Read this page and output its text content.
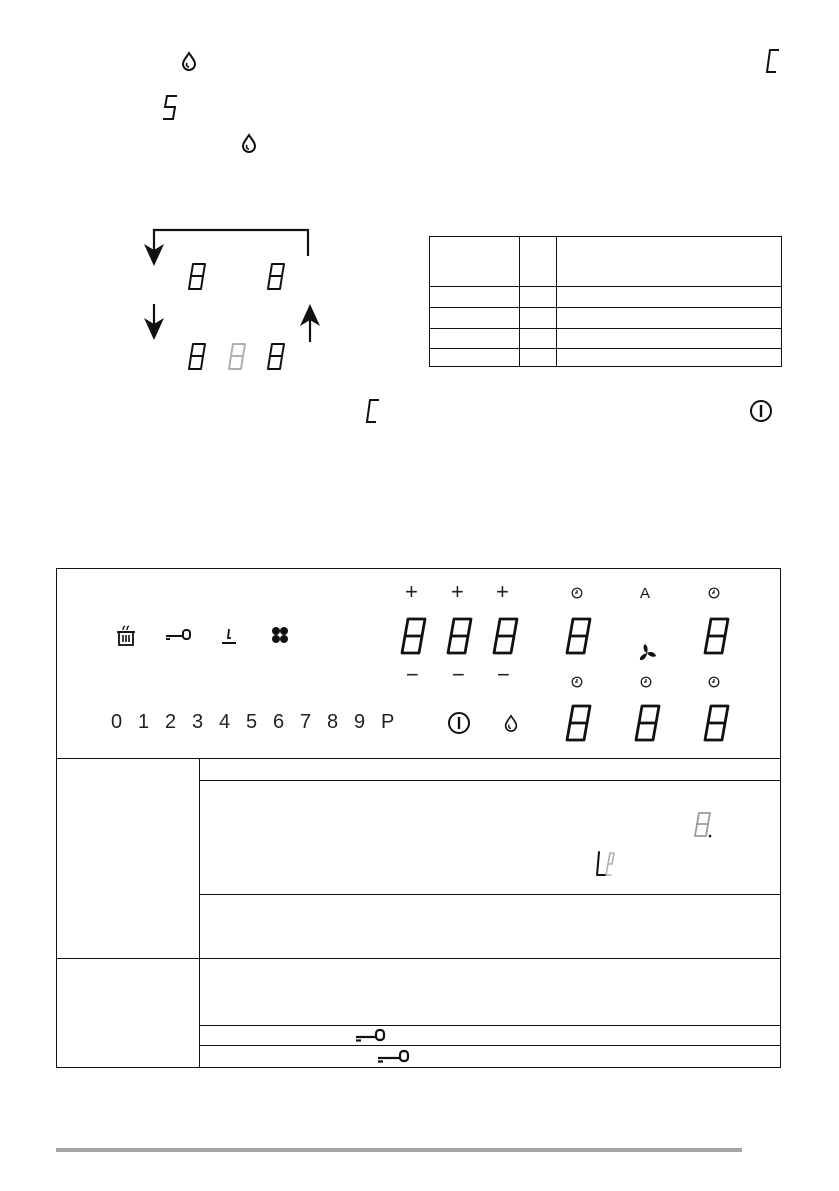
+ + +
− − −
A
0 1 2 3 4 5 6 7 8 9 P
